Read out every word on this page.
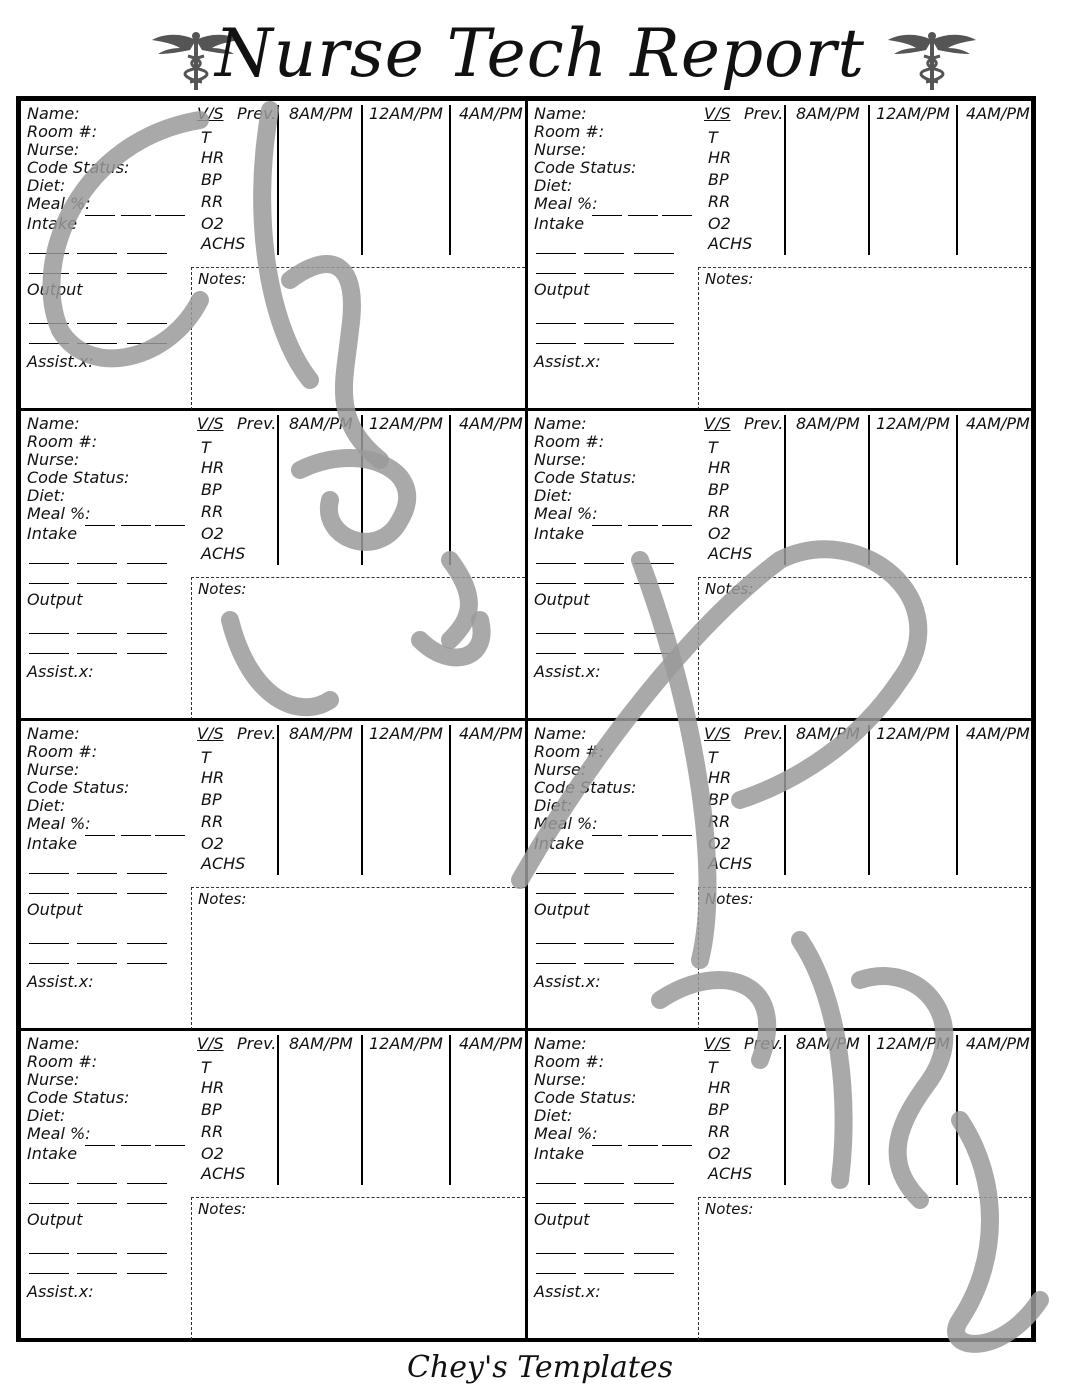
Nurse Tech Report
Name:
Room #:
Nurse:
Code Status:
Diet:
Meal %:
Intake
Output
Assist.x:
V/S Prev. 8AM/PM 12AM/PM 4AM/PM
T
HR
BP
RR
O2
ACHS
Notes:
Name:
Room #:
Nurse:
Code Status:
Diet:
Meal %:
Intake
Output
Assist.x:
V/S Prev. 8AM/PM 12AM/PM 4AM/PM
T
HR
BP
RR
O2
ACHS
Notes:
Name:
Room #:
Nurse:
Code Status:
Diet:
Meal %:
Intake
Output
Assist.x:
V/S Prev. 8AM/PM 12AM/PM 4AM/PM
T
HR
BP
RR
O2
ACHS
Notes:
Name:
Room #:
Nurse:
Code Status:
Diet:
Meal %:
Intake
Output
Assist.x:
V/S Prev. 8AM/PM 12AM/PM 4AM/PM
T
HR
BP
RR
O2
ACHS
Notes:
Name:
Room #:
Nurse:
Code Status:
Diet:
Meal %:
Intake
Output
Assist.x:
V/S Prev. 8AM/PM 12AM/PM 4AM/PM
T
HR
BP
RR
O2
ACHS
Notes:
Name:
Room #:
Nurse:
Code Status:
Diet:
Meal %:
Intake
Output
Assist.x:
V/S Prev. 8AM/PM 12AM/PM 4AM/PM
T
HR
BP
RR
O2
ACHS
Notes:
Name:
Room #:
Nurse:
Code Status:
Diet:
Meal %:
Intake
Output
Assist.x:
V/S Prev. 8AM/PM 12AM/PM 4AM/PM
T
HR
BP
RR
O2
ACHS
Notes:
Name:
Room #:
Nurse:
Code Status:
Diet:
Meal %:
Intake
Output
Assist.x:
V/S Prev. 8AM/PM 12AM/PM 4AM/PM
T
HR
BP
RR
O2
ACHS
Notes:
Chey's Templates
